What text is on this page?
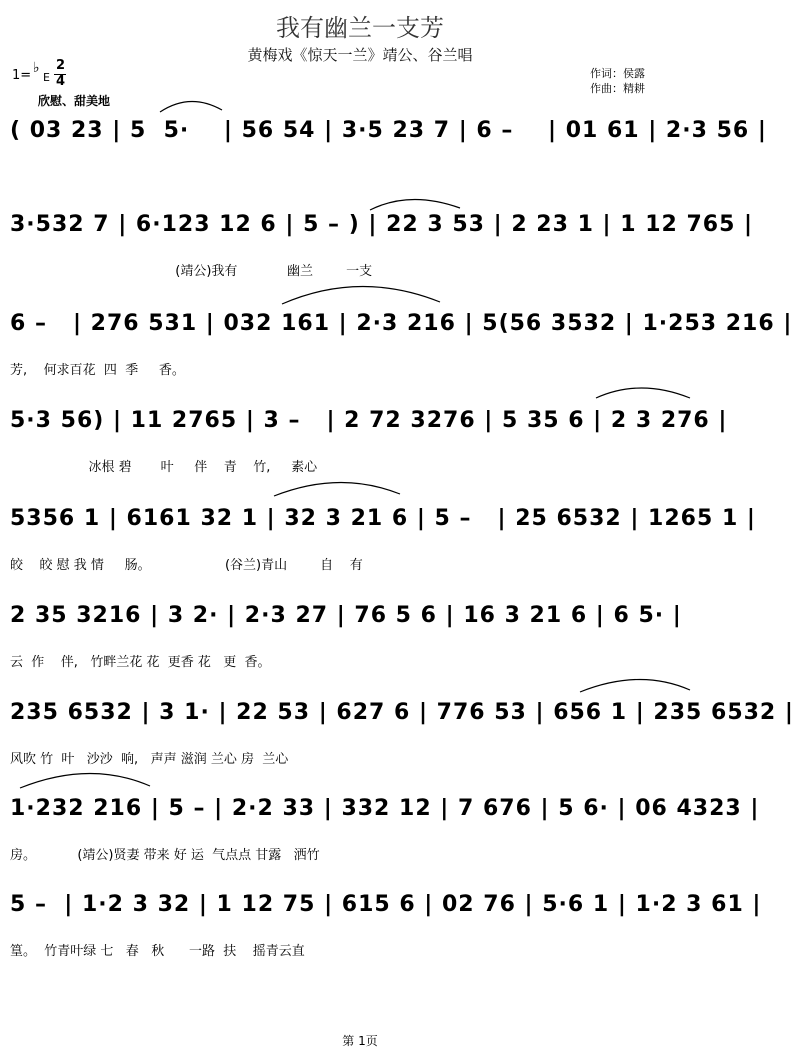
我有幽兰一支芳
黄梅戏《惊天一兰》靖公、谷兰唱
作词：侯露
作曲：精耕
1= ♭
E
2
4
欣慰、甜美地
( 03 23 | 5  5·    | 56 54 | 3·5 23 7 | 6 –    | 01 61 | 2·3 56 |
3·532 7 | 6·123 12 6 | 5 – ) | 22 3 53 | 2 23 1 | 1 12 765 |
(靖公)我有            幽兰        一支
6 –   | 276 531 | 032 161 | 2·3 216 | 5(56 3532 | 1·253 216 |
芳,    何求百花  四  季     香。
5·3 56) | 11 2765 | 3 –   | 2 72 3276 | 5 35 6 | 2 3 276 |
冰根 碧       叶     伴    青    竹,     素心
5356 1 | 6161 32 1 | 32 3 21 6 | 5 –   | 25 6532 | 1265 1 |
皎    皎 慰 我 情     肠。                  (谷兰)青山        自    有
2 35 3216 | 3 2· | 2·3 27 | 76 5 6 | 16 3 21 6 | 6 5· |
云  作    伴,   竹畔兰花 花  更香 花   更  香。
235 6532 | 3 1· | 22 53 | 627 6 | 776 53 | 656 1 | 235 6532 |
风吹 竹  叶   沙沙  响,   声声 滋润 兰心 房  兰心
1·232 216 | 5 – | 2·2 33 | 332 12 | 7 676 | 5 6· | 06 4323 |
房。          (靖公)贤妻 带来 好 运  气点点 甘露   洒竹
5 –  | 1·2 3 32 | 1 12 75 | 615 6 | 02 76 | 5·6 1 | 1·2 3 61 |
篁。  竹青叶绿 七   春   秋      一路  扶    摇青云直
第 1页
